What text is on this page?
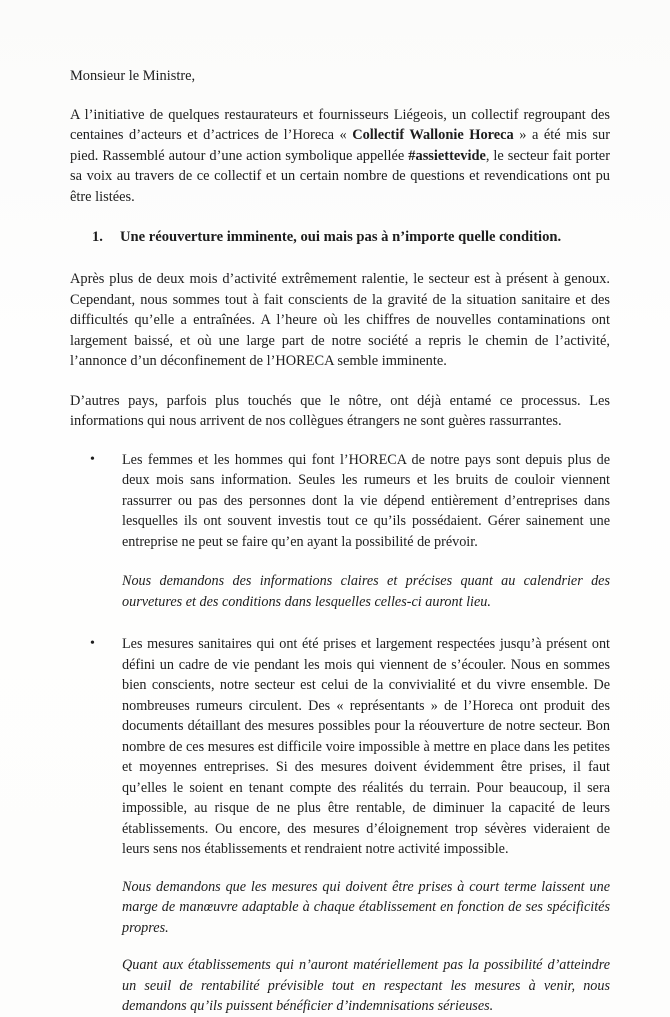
Monsieur le Ministre,

A l’initiative de quelques restaurateurs et fournisseurs Liégeois, un collectif regroupant des centaines d’acteurs et d’actrices de l’Horeca « Collectif Wallonie Horeca » a été mis sur pied. Rassemblé autour d’une action symbolique appellée #assiettevide, le secteur fait porter sa voix au travers de ce collectif et un certain nombre de questions et revendications ont pu être listées.

1.	Une réouverture imminente, oui mais pas à n’importe quelle condition.

Après plus de deux mois d’activité extrêmement ralentie, le secteur est à présent à genoux. Cependant, nous sommes tout à fait conscients de la gravité de la situation sanitaire et des difficultés qu’elle a entraînées. A l’heure où les chiffres de nouvelles contaminations ont largement baissé, et où une large part de notre société a repris le chemin de l’activité, l’annonce d’un déconfinement de l’HORECA semble imminente.

D’autres pays, parfois plus touchés que le nôtre, ont déjà entamé ce processus. Les informations qui nous arrivent de nos collègues étrangers ne sont guères rassurrantes.

•	Les femmes et les hommes qui font l’HORECA de notre pays sont depuis plus de deux mois sans information. Seules les rumeurs et les bruits de couloir viennent rassurrer ou pas des personnes dont la vie dépend entièrement d’entreprises dans lesquelles ils ont souvent investis tout ce qu’ils possédaient. Gérer sainement une entreprise ne peut se faire qu’en ayant la possibilité de prévoir.

Nous demandons des informations claires et précises quant au calendrier des ourvetures et des conditions dans lesquelles celles-ci auront lieu.

•	Les mesures sanitaires qui ont été prises et largement respectées jusqu’à présent ont défini un cadre de vie pendant les mois qui viennent de s’écouler. Nous en sommes bien conscients, notre secteur est celui de la convivialité et du vivre ensemble. De nombreuses rumeurs circulent. Des « représentants » de l’Horeca ont produit des documents détaillant des mesures possibles pour la réouverture de notre secteur. Bon nombre de ces mesures est difficile voire impossible à mettre en place dans les petites et moyennes entreprises. Si des mesures doivent évidemment être prises, il faut qu’elles le soient en tenant compte des réalités du terrain. Pour beaucoup, il sera impossible, au risque de ne plus être rentable, de diminuer la capacité de leurs établissements. Ou encore, des mesures d’éloignement trop sévères videraient de leurs sens nos établissements et rendraient notre activité impossible.

Nous demandons que les mesures qui doivent être prises à court terme laissent une marge de manœuvre adaptable à chaque établissement en fonction de ses spécificités propres.

Quant aux établissements qui n’auront matériellement pas la possibilité d’atteindre un seuil de rentabilité prévisible tout en respectant les mesures à venir, nous demandons qu’ils puissent bénéficier d’indemnisations sérieuses.
